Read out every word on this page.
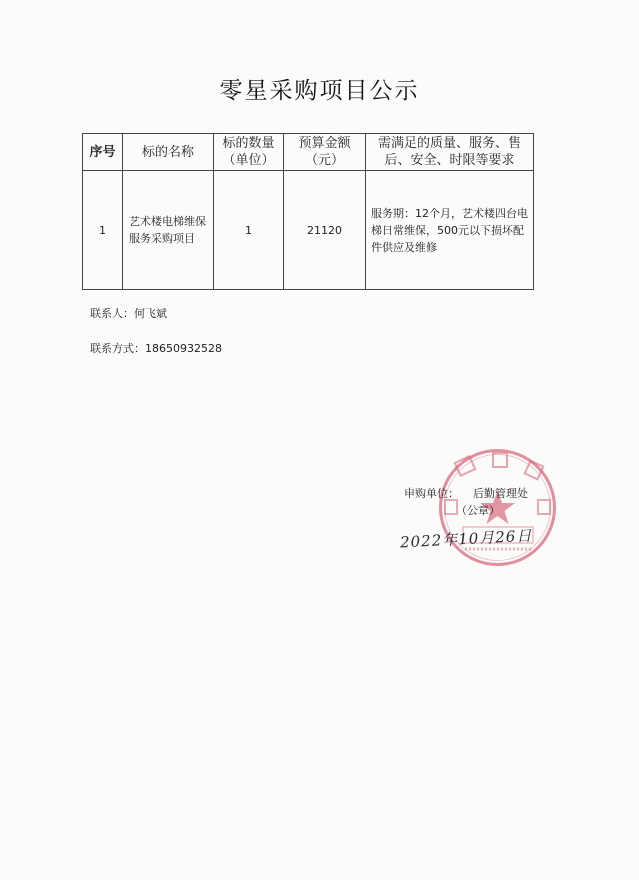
零星采购项目公示
序号	标的名称	标的数量（单位）	预算金额（元）	需满足的质量、服务、售后、安全、时限等要求
1	艺术楼电梯维保服务采购项目	1	21120	服务期：12个月，艺术楼四台电梯日常维保，500元以下损坏配件供应及维修
联系人：何飞斌
联系方式：18650932528
申购单位： 后勤管理处
（公章）
2022年10月26日
